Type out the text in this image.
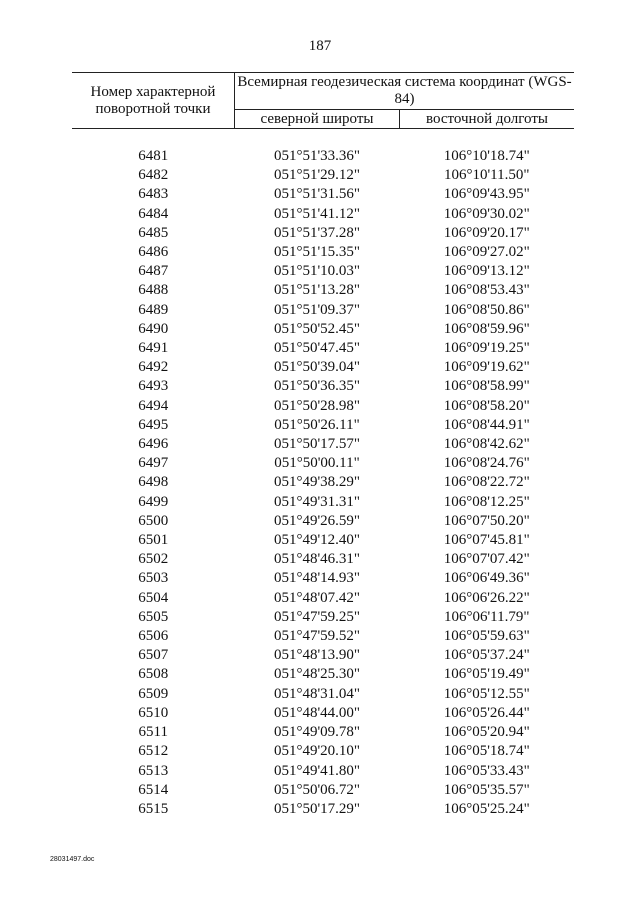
187
Номер характерной поворотной точки	Всемирная геодезическая система координат (WGS-84)	
	северной широты	восточной долготы

6481	051°51'33.36"	106°10'18.74"
6482	051°51'29.12"	106°10'11.50"
6483	051°51'31.56"	106°09'43.95"
6484	051°51'41.12"	106°09'30.02"
6485	051°51'37.28"	106°09'20.17"
6486	051°51'15.35"	106°09'27.02"
6487	051°51'10.03"	106°09'13.12"
6488	051°51'13.28"	106°08'53.43"
6489	051°51'09.37"	106°08'50.86"
6490	051°50'52.45"	106°08'59.96"
6491	051°50'47.45"	106°09'19.25"
6492	051°50'39.04"	106°09'19.62"
6493	051°50'36.35"	106°08'58.99"
6494	051°50'28.98"	106°08'58.20"
6495	051°50'26.11"	106°08'44.91"
6496	051°50'17.57"	106°08'42.62"
6497	051°50'00.11"	106°08'24.76"
6498	051°49'38.29"	106°08'22.72"
6499	051°49'31.31"	106°08'12.25"
6500	051°49'26.59"	106°07'50.20"
6501	051°49'12.40"	106°07'45.81"
6502	051°48'46.31"	106°07'07.42"
6503	051°48'14.93"	106°06'49.36"
6504	051°48'07.42"	106°06'26.22"
6505	051°47'59.25"	106°06'11.79"
6506	051°47'59.52"	106°05'59.63"
6507	051°48'13.90"	106°05'37.24"
6508	051°48'25.30"	106°05'19.49"
6509	051°48'31.04"	106°05'12.55"
6510	051°48'44.00"	106°05'26.44"
6511	051°49'09.78"	106°05'20.94"
6512	051°49'20.10"	106°05'18.74"
6513	051°49'41.80"	106°05'33.43"
6514	051°50'06.72"	106°05'35.57"
6515	051°50'17.29"	106°05'25.24"
28031497.doc
